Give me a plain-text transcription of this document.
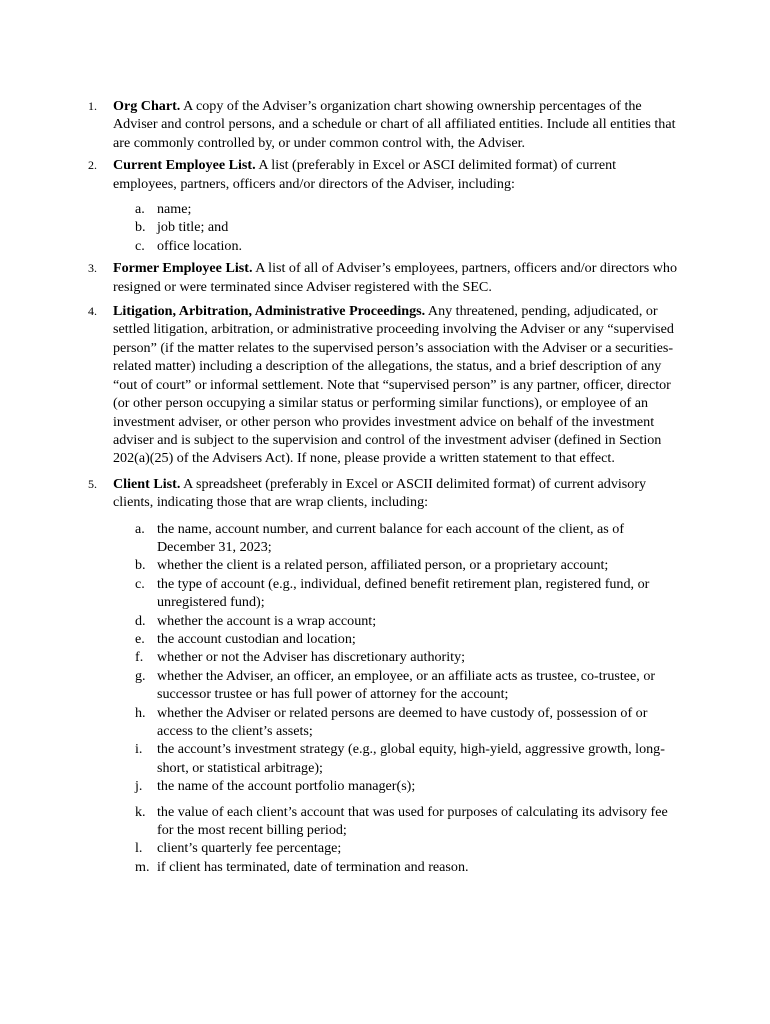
1.	Org Chart. A copy of the Adviser’s organization chart showing ownership percentages of the Adviser and control persons, and a schedule or chart of all affiliated entities. Include all entities that are commonly controlled by, or under common control with, the Adviser.
2.	Current Employee List. A list (preferably in Excel or ASCI delimited format) of current employees, partners, officers and/or directors of the Adviser, including:
a. name;
b. job title; and
c. office location.
3.	Former Employee List. A list of all of Adviser’s employees, partners, officers and/or directors who resigned or were terminated since Adviser registered with the SEC.
4.	Litigation, Arbitration, Administrative Proceedings. Any threatened, pending, adjudicated, or settled litigation, arbitration, or administrative proceeding involving the Adviser or any “supervised person” (if the matter relates to the supervised person’s association with the Adviser or a securities-related matter) including a description of the allegations, the status, and a brief description of any “out of court” or informal settlement. Note that “supervised person” is any partner, officer, director (or other person occupying a similar status or performing similar functions), or employee of an investment adviser, or other person who provides investment advice on behalf of the investment adviser and is subject to the supervision and control of the investment adviser (defined in Section 202(a)(25) of the Advisers Act). If none, please provide a written statement to that effect.
5.	Client List. A spreadsheet (preferably in Excel or ASCII delimited format) of current advisory clients, indicating those that are wrap clients, including:
a. the name, account number, and current balance for each account of the client, as of December 31, 2023;
b. whether the client is a related person, affiliated person, or a proprietary account;
c. the type of account (e.g., individual, defined benefit retirement plan, registered fund, or unregistered fund);
d. whether the account is a wrap account;
e. the account custodian and location;
f. whether or not the Adviser has discretionary authority;
g. whether the Adviser, an officer, an employee, or an affiliate acts as trustee, co-trustee, or successor trustee or has full power of attorney for the account;
h. whether the Adviser or related persons are deemed to have custody of, possession of or access to the client’s assets;
i.	the account’s investment strategy (e.g., global equity, high-yield, aggressive growth, long-short, or statistical arbitrage);
j.	the name of the account portfolio manager(s);
k. the value of each client’s account that was used for purposes of calculating its advisory fee for the most recent billing period;
l.	client’s quarterly fee percentage;
m. if client has terminated, date of termination and reason.
